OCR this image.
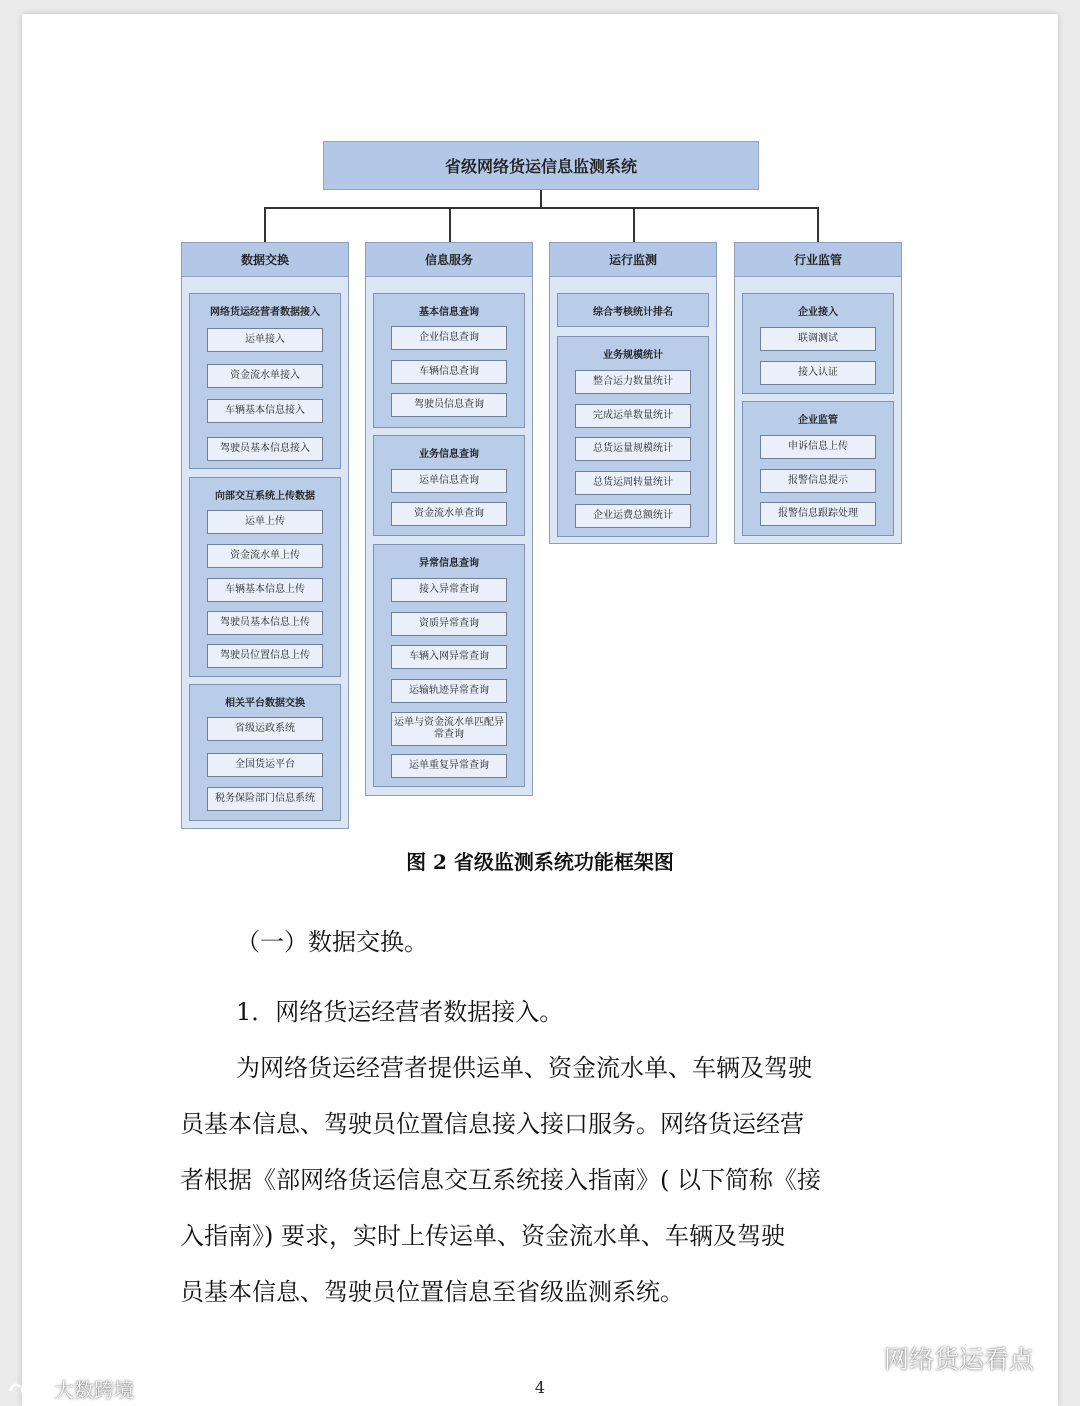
省级网络货运信息监测系统
数据交换
网络货运经营者数据接入
运单接入
资金流水单接入
车辆基本信息接入
驾驶员基本信息接入
向部交互系统上传数据
运单上传
资金流水单上传
车辆基本信息上传
驾驶员基本信息上传
驾驶员位置信息上传
相关平台数据交换
省级运政系统
全国货运平台
税务保险部门信息系统
信息服务
基本信息查询
企业信息查询
车辆信息查询
驾驶员信息查询
业务信息查询
运单信息查询
资金流水单查询
异常信息查询
接入异常查询
资质异常查询
车辆入网异常查询
运输轨迹异常查询
运单与资金流水单匹配异常查询
运单重复异常查询
运行监测
综合考核统计排名
业务规模统计
整合运力数量统计
完成运单数量统计
总货运量规模统计
总货运周转量统计
企业运费总额统计
行业监管
企业接入
联调测试
接入认证
企业监管
申诉信息上传
报警信息提示
报警信息跟踪处理
图 2 省级监测系统功能框架图
（一）数据交换。
1．网络货运经营者数据接入。
为网络货运经营者提供运单、资金流水单、车辆及驾驶
员基本信息、驾驶员位置信息接入接口服务。网络货运经营
者根据《部网络货运信息交互系统接入指南》( 以下简称《接
入指南》) 要求，实时上传运单、资金流水单、车辆及驾驶
员基本信息、驾驶员位置信息至省级监测系统。
4
网络货运看点
大数跨境
